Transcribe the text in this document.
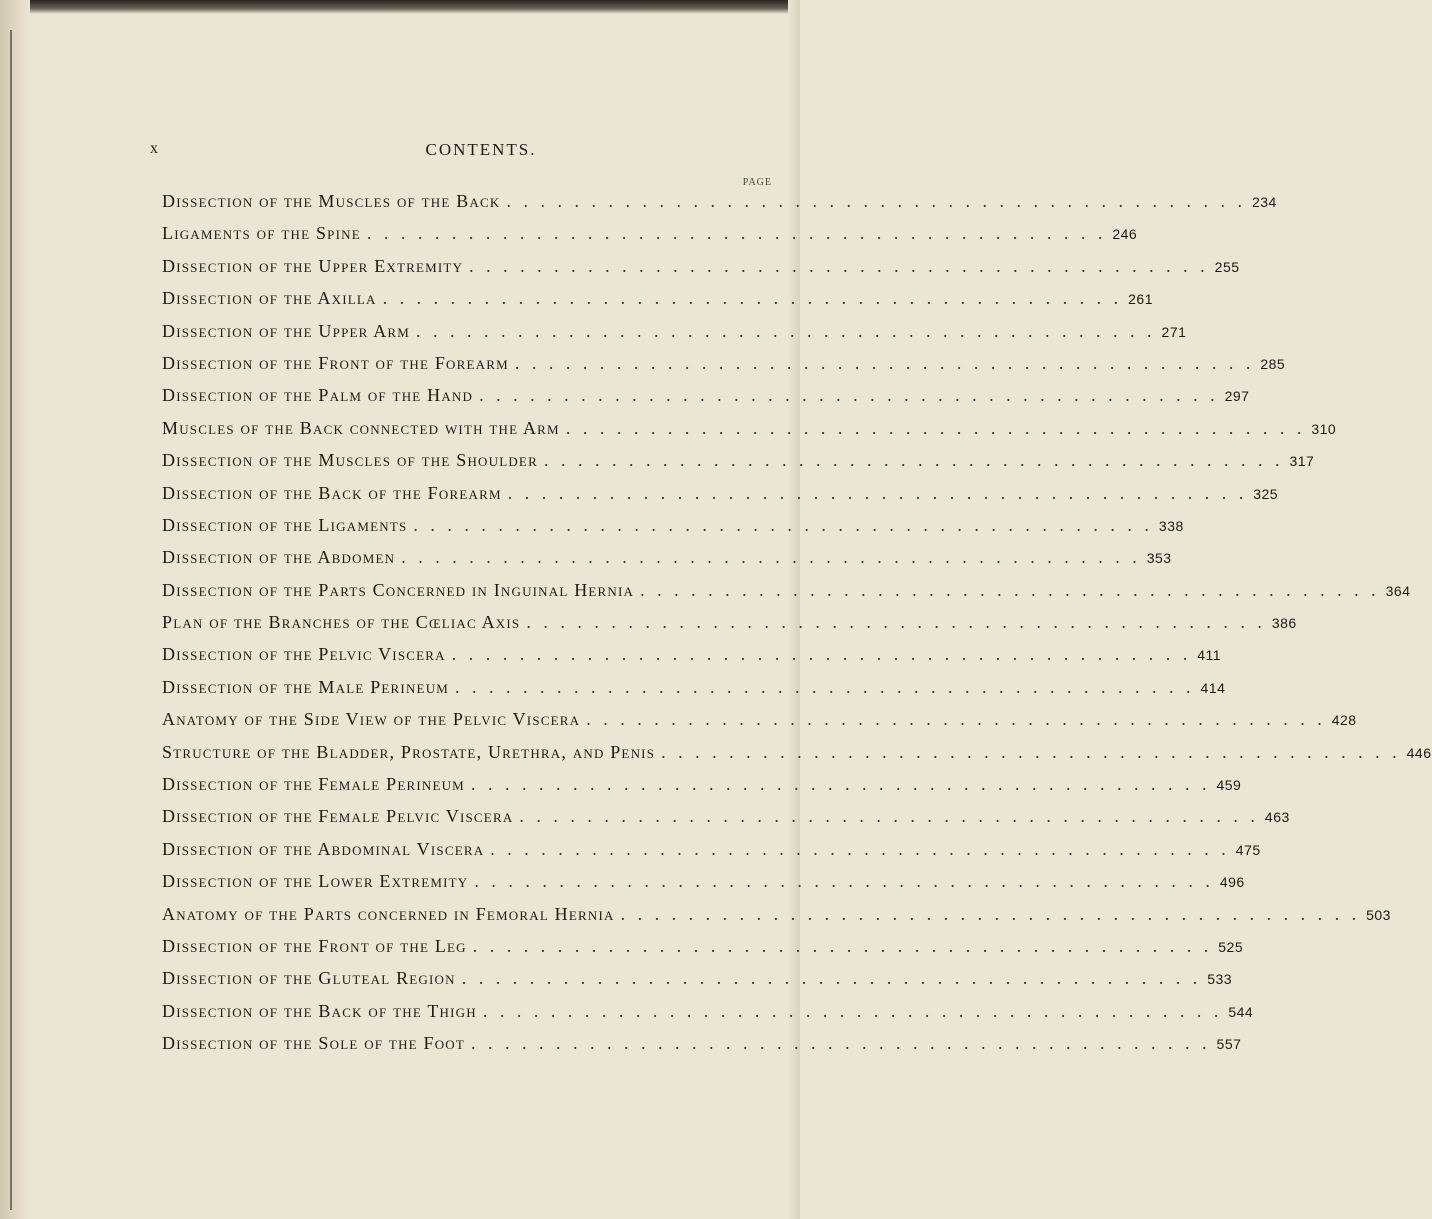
x	CONTENTS.
PAGE
Dissection of the Muscles of the Back . . .	234
Ligaments of the Spine . . .	246
Dissection of the Upper Extremity . . .	255
Dissection of the Axilla . . .	261
Dissection of the Upper Arm . . .	271
Dissection of the Front of the Forearm . . .	285
Dissection of the Palm of the Hand . . .	297
Muscles of the Back connected with the Arm . . .	310
Dissection of the Muscles of the Shoulder . . .	317
Dissection of the Back of the Forearm . . .	325
Dissection of the Ligaments . . .	338
Dissection of the Abdomen . . .	353
Dissection of the Parts Concerned in Inguinal Hernia . . .	364
Plan of the Branches of the Cœliac Axis . . .	386
Dissection of the Pelvic Viscera . . .	411
Dissection of the Male Perineum . . .	414
Anatomy of the Side View of the Pelvic Viscera . . .	428
Structure of the Bladder, Prostate, Urethra, and Penis . . .	446
Dissection of the Female Perineum . . .	459
Dissection of the Female Pelvic Viscera . . .	463
Dissection of the Abdominal Viscera . . .	475
Dissection of the Lower Extremity . . .	496
Anatomy of the Parts concerned in Femoral Hernia . . .	503
Dissection of the Front of the Leg . . .	525
Dissection of the Gluteal Region . . .	533
Dissection of the Back of the Thigh . . .	544
Dissection of the Sole of the Foot . . .	557
